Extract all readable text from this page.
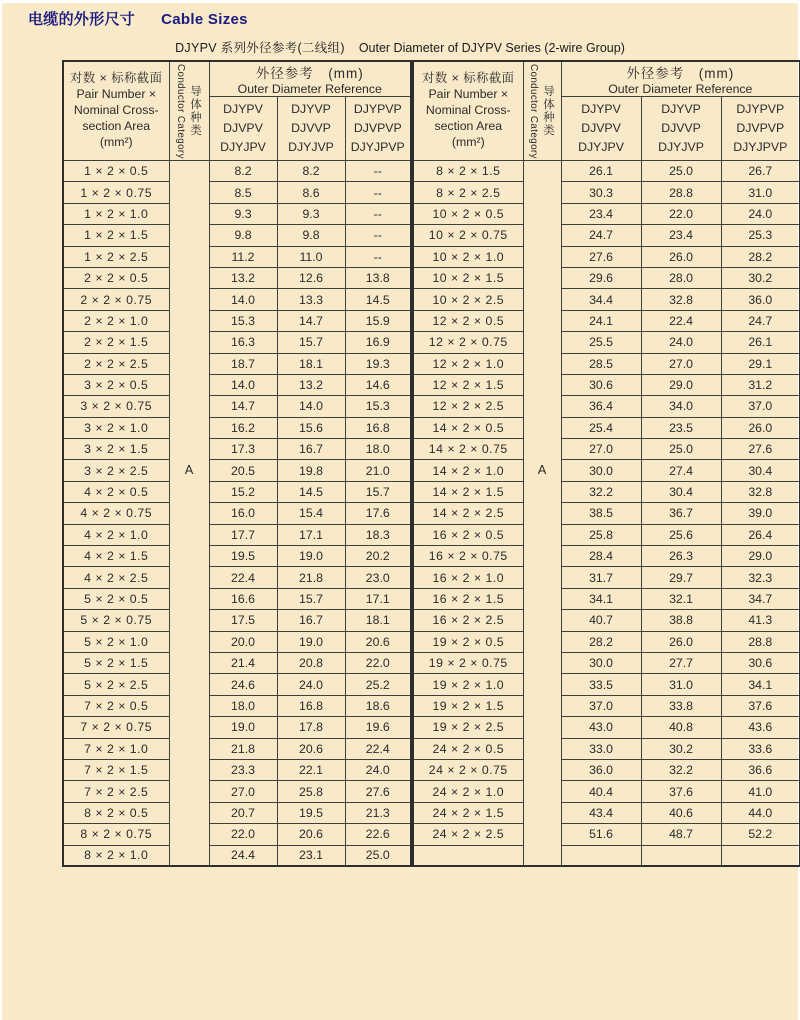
电缆的外形尺寸 Cable Sizes
DJYPV 系列外径参考(二线组) Outer Diameter of DJYPV Series (2-wire Group)
对数 × 标称截面
Pair Number ×
Nominal Cross-
section Area
(mm²)	Conductor Category 导体种类	外径参考　(mm)
Outer Diameter Reference		

		DJYPV
DJVPV
DJYJPV	DJYVP
DJVVP
DJYJVP	DJYPVP
DJVPVP
DJYJPVP

1 × 2 × 0.5	A	8.2	8.2	--
1 × 2 × 0.75		8.5	8.6	--
1 × 2 × 1.0		9.3	9.3	--
1 × 2 × 1.5		9.8	9.8	--
1 × 2 × 2.5		11.2	11.0	--
2 × 2 × 0.5		13.2	12.6	13.8
2 × 2 × 0.75		14.0	13.3	14.5
2 × 2 × 1.0		15.3	14.7	15.9
2 × 2 × 1.5		16.3	15.7	16.9
2 × 2 × 2.5		18.7	18.1	19.3
3 × 2 × 0.5		14.0	13.2	14.6
3 × 2 × 0.75		14.7	14.0	15.3
3 × 2 × 1.0		16.2	15.6	16.8
3 × 2 × 1.5		17.3	16.7	18.0
3 × 2 × 2.5		20.5	19.8	21.0
4 × 2 × 0.5		15.2	14.5	15.7
4 × 2 × 0.75		16.0	15.4	17.6
4 × 2 × 1.0		17.7	17.1	18.3
4 × 2 × 1.5		19.5	19.0	20.2
4 × 2 × 2.5		22.4	21.8	23.0
5 × 2 × 0.5		16.6	15.7	17.1
5 × 2 × 0.75		17.5	16.7	18.1
5 × 2 × 1.0		20.0	19.0	20.6
5 × 2 × 1.5		21.4	20.8	22.0
5 × 2 × 2.5		24.6	24.0	25.2
7 × 2 × 0.5		18.0	16.8	18.6
7 × 2 × 0.75		19.0	17.8	19.6
7 × 2 × 1.0		21.8	20.6	22.4
7 × 2 × 1.5		23.3	22.1	24.0
7 × 2 × 2.5		27.0	25.8	27.6
8 × 2 × 0.5		20.7	19.5	21.3
8 × 2 × 0.75		22.0	20.6	22.6
8 × 2 × 1.0		24.4	23.1	25.0
对数 × 标称截面
Pair Number ×
Nominal Cross-
section Area
(mm²)	Conductor Category 导体种类	外径参考　(mm)
Outer Diameter Reference		

		DJYPV
DJVPV
DJYJPV	DJYVP
DJVVP
DJYJVP	DJYPVP
DJVPVP
DJYJPVP

8 × 2 × 1.5	A	26.1	25.0	26.7
8 × 2 × 2.5		30.3	28.8	31.0
10 × 2 × 0.5		23.4	22.0	24.0
10 × 2 × 0.75		24.7	23.4	25.3
10 × 2 × 1.0		27.6	26.0	28.2
10 × 2 × 1.5		29.6	28.0	30.2
10 × 2 × 2.5		34.4	32.8	36.0
12 × 2 × 0.5		24.1	22.4	24.7
12 × 2 × 0.75		25.5	24.0	26.1
12 × 2 × 1.0		28.5	27.0	29.1
12 × 2 × 1.5		30.6	29.0	31.2
12 × 2 × 2.5		36.4	34.0	37.0
14 × 2 × 0.5		25.4	23.5	26.0
14 × 2 × 0.75		27.0	25.0	27.6
14 × 2 × 1.0		30.0	27.4	30.4
14 × 2 × 1.5		32.2	30.4	32.8
14 × 2 × 2.5		38.5	36.7	39.0
16 × 2 × 0.5		25.8	25.6	26.4
16 × 2 × 0.75		28.4	26.3	29.0
16 × 2 × 1.0		31.7	29.7	32.3
16 × 2 × 1.5		34.1	32.1	34.7
16 × 2 × 2.5		40.7	38.8	41.3
19 × 2 × 0.5		28.2	26.0	28.8
19 × 2 × 0.75		30.0	27.7	30.6
19 × 2 × 1.0		33.5	31.0	34.1
19 × 2 × 1.5		37.0	33.8	37.6
19 × 2 × 2.5		43.0	40.8	43.6
24 × 2 × 0.5		33.0	30.2	33.6
24 × 2 × 0.75		36.0	32.2	36.6
24 × 2 × 1.0		40.4	37.6	41.0
24 × 2 × 1.5		43.4	40.6	44.0
24 × 2 × 2.5		51.6	48.7	52.2
